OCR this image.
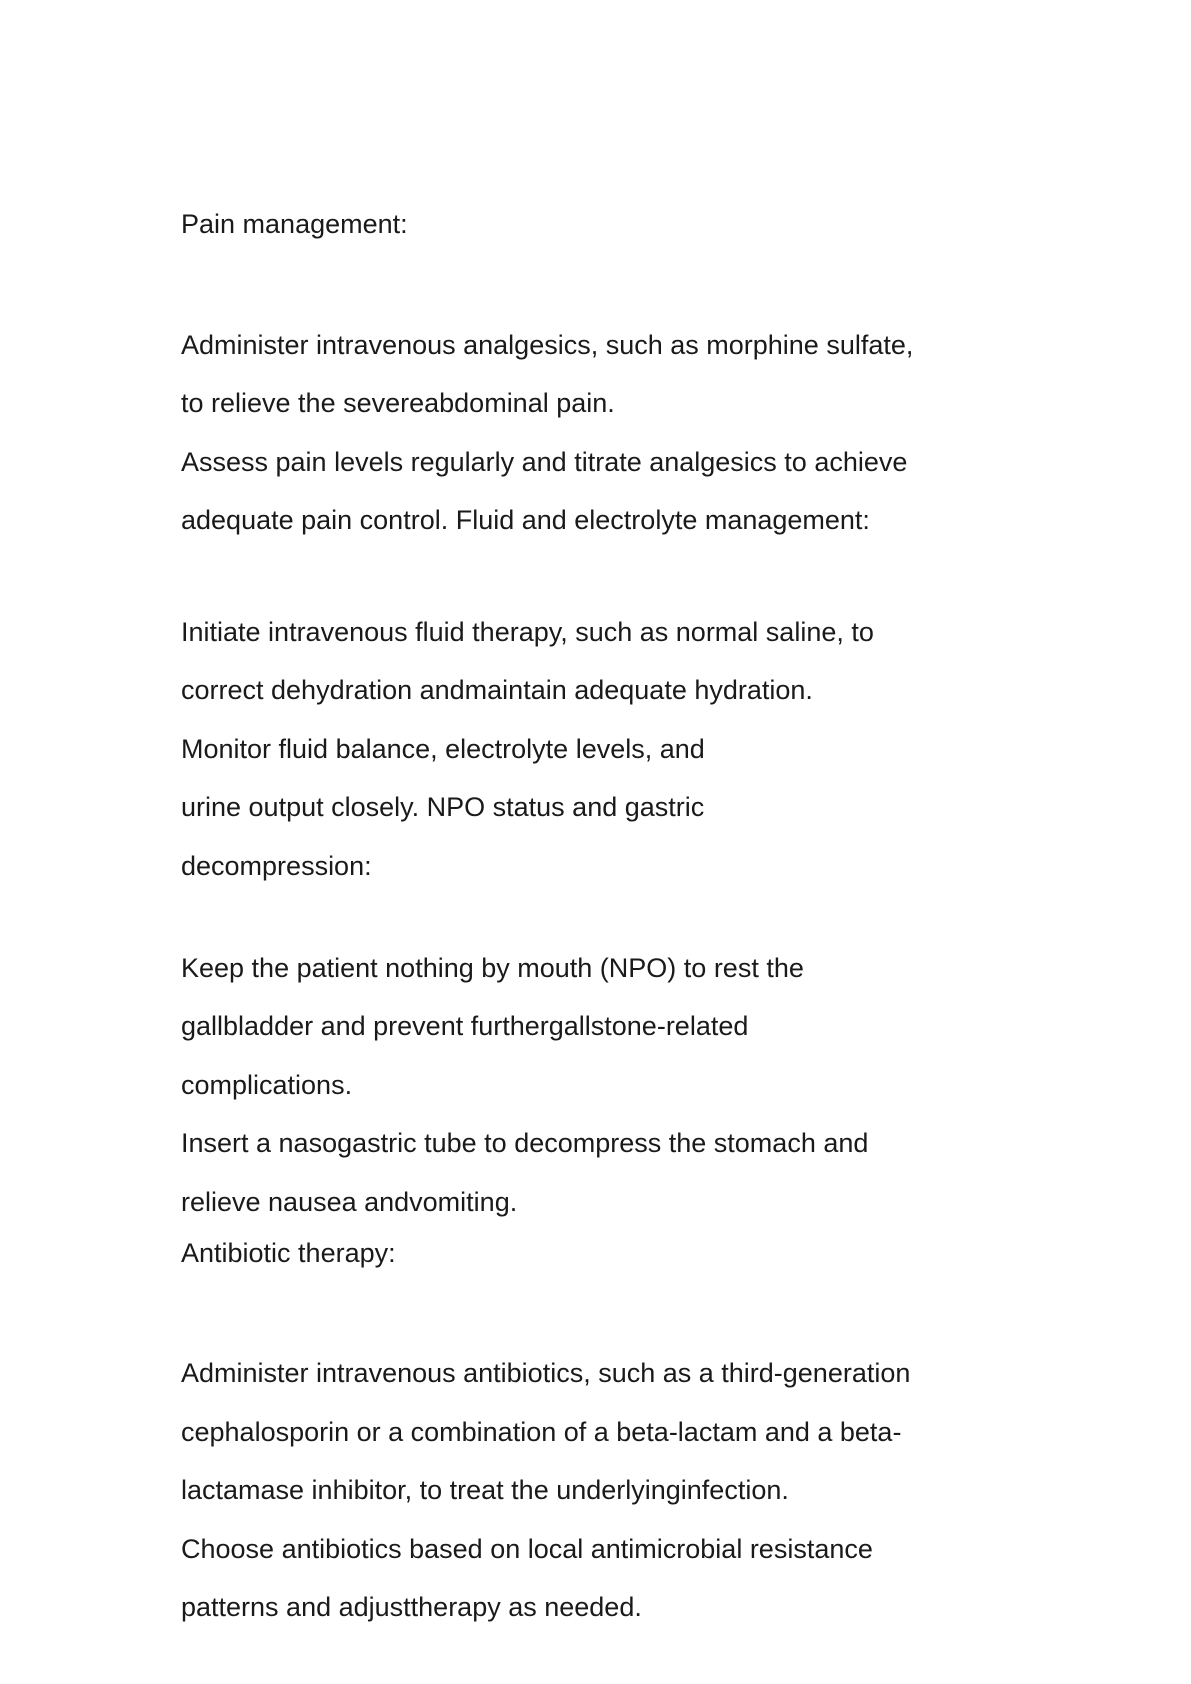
Pain management:

Administer intravenous analgesics, such as morphine sulfate,

to relieve the severeabdominal pain.

Assess pain levels regularly and titrate analgesics to achieve

adequate pain control. Fluid and electrolyte management:

Initiate intravenous fluid therapy, such as normal saline, to

correct dehydration andmaintain adequate hydration.

Monitor fluid balance, electrolyte levels, and

urine output closely. NPO status and gastric

decompression:

Keep the patient nothing by mouth (NPO) to rest the

gallbladder and prevent furthergallstone-related

complications.

Insert a nasogastric tube to decompress the stomach and

relieve nausea andvomiting.

Antibiotic therapy:

Administer intravenous antibiotics, such as a third-generation

cephalosporin or a combination of a beta-lactam and a beta-

lactamase inhibitor, to treat the underlyinginfection.

Choose antibiotics based on local antimicrobial resistance

patterns and adjusttherapy as needed.
